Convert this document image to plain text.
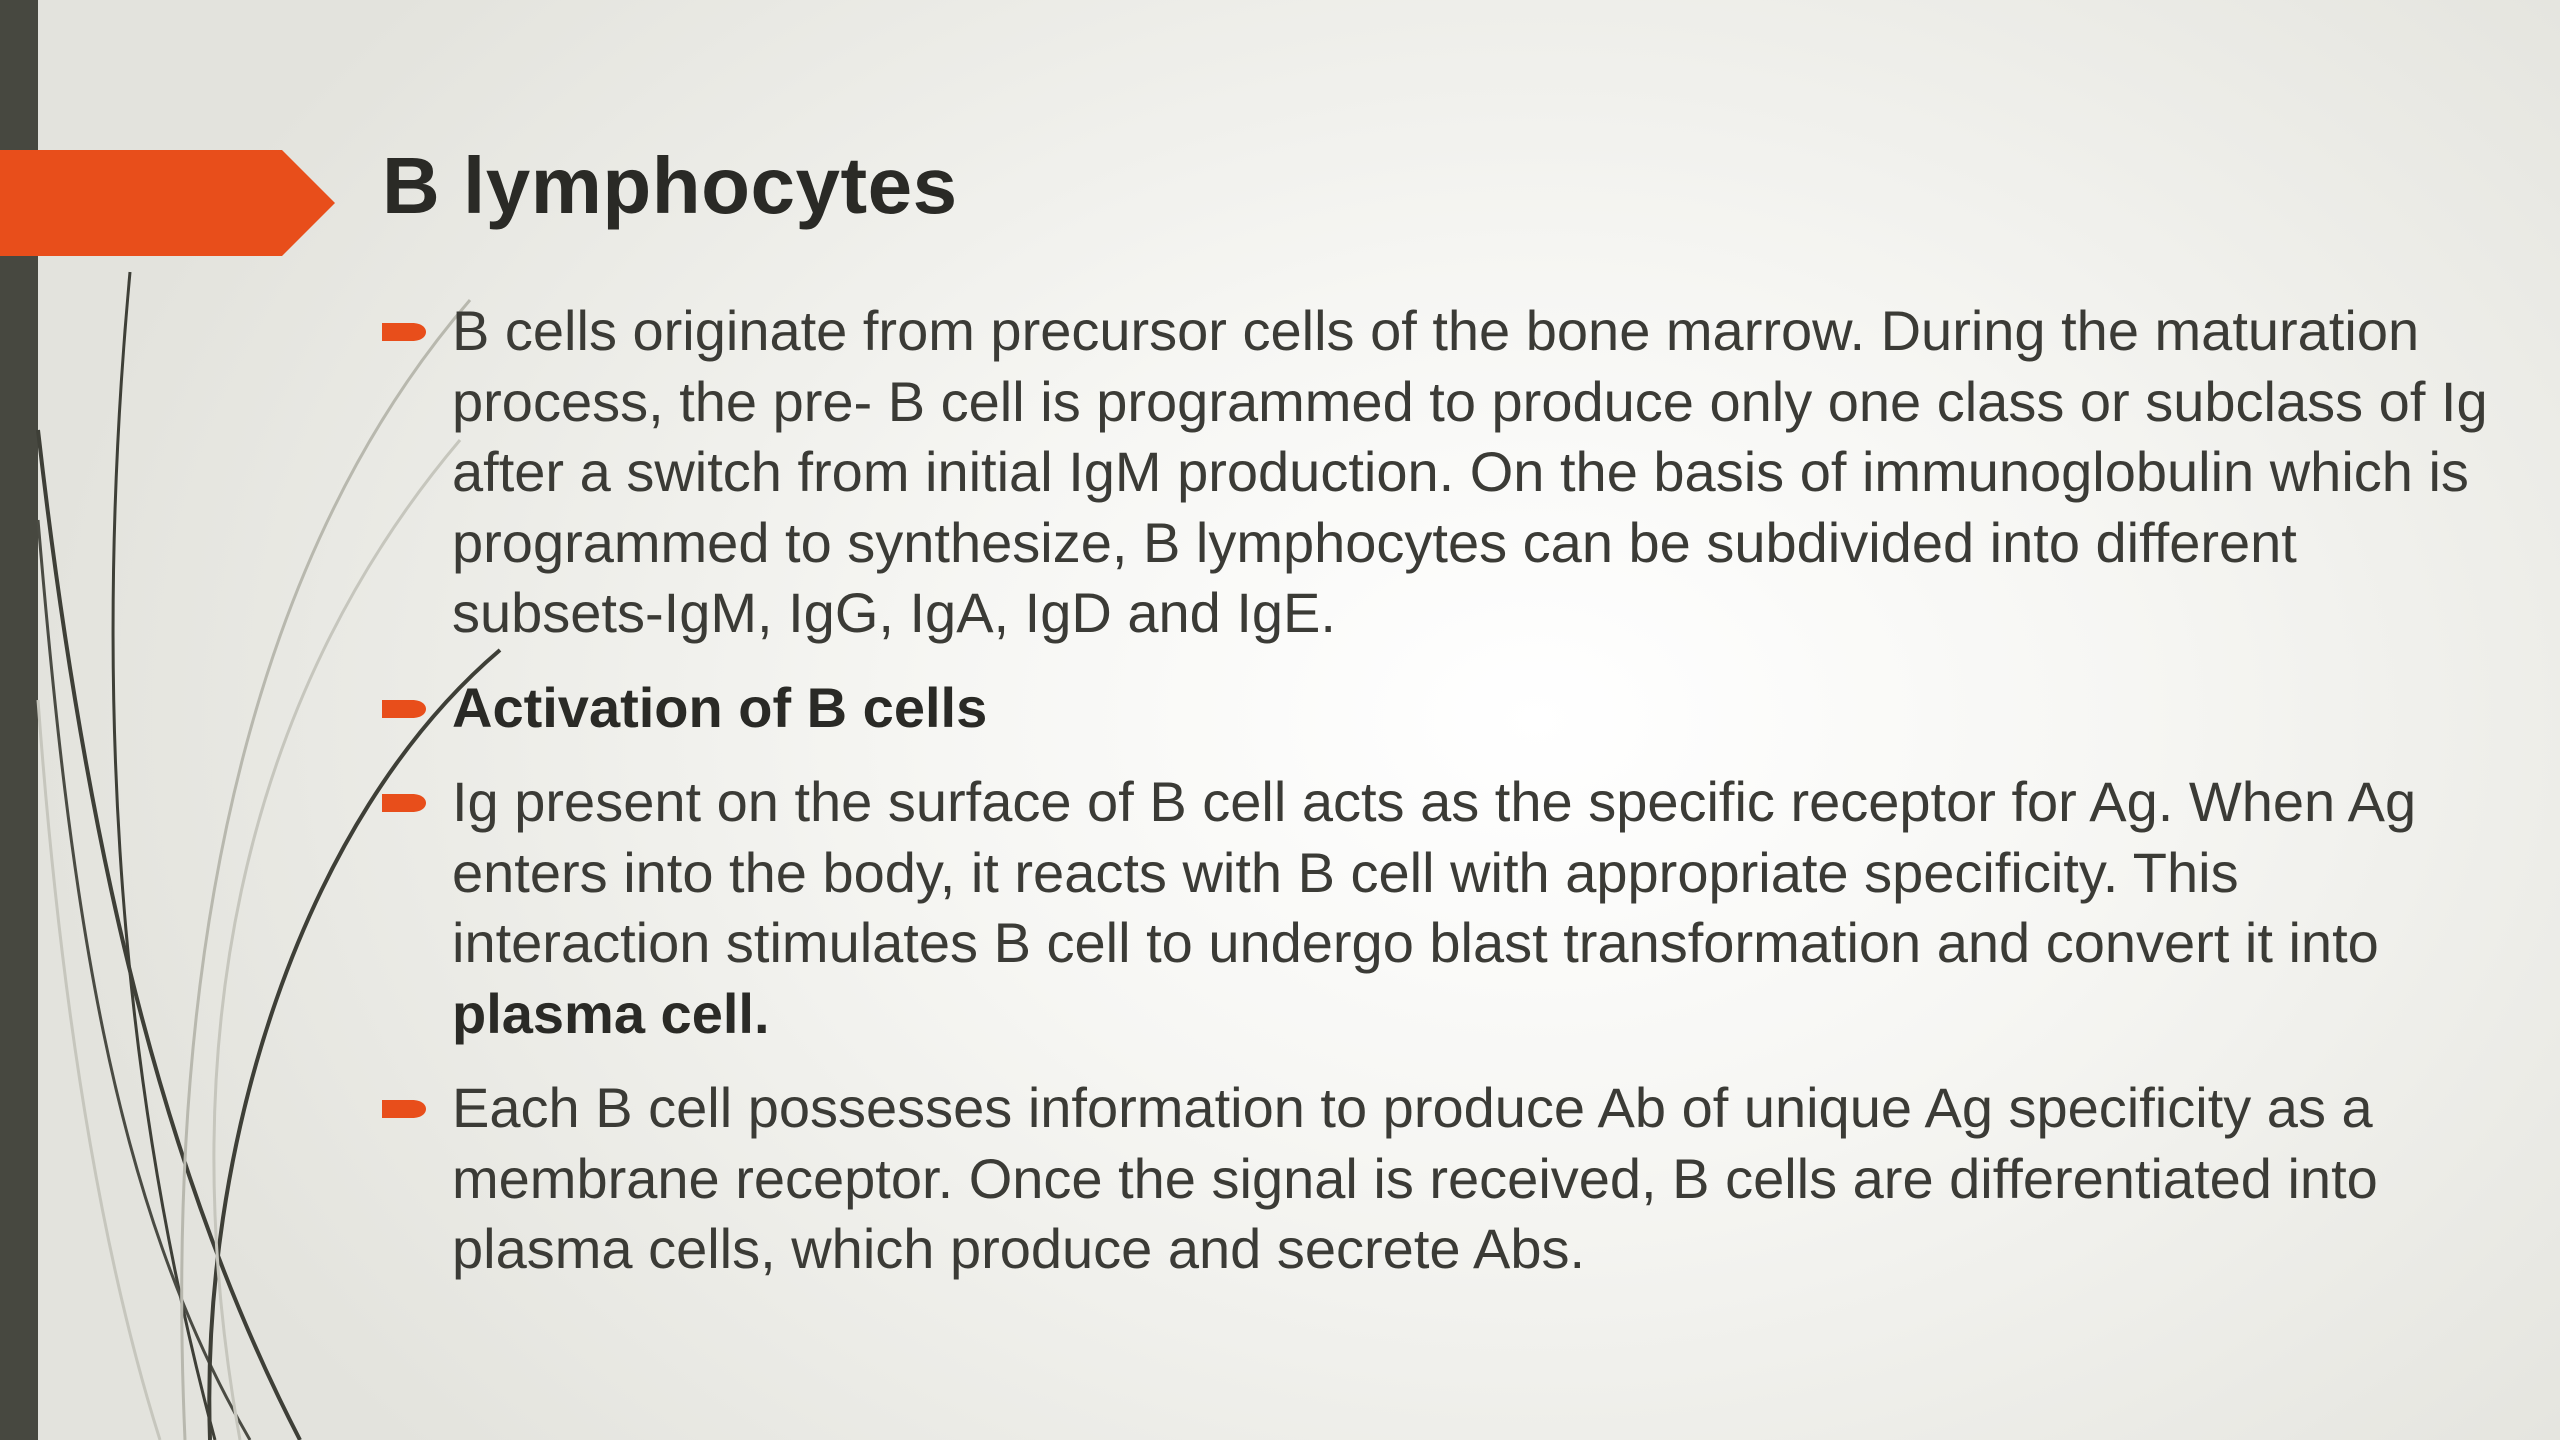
B lymphocytes
B cells originate from precursor cells of the bone marrow. During the maturation process, the pre- B cell is programmed to produce only one class or subclass of Ig after a switch from initial IgM production. On the basis of immunoglobulin which is programmed to synthesize, B lymphocytes can be subdivided into different subsets-IgM, IgG, IgA, IgD and IgE.
Activation of B cells
Ig present on the surface of B cell acts as the specific receptor for Ag. When Ag enters into the body, it reacts with B cell with appropriate specificity. This interaction stimulates B cell to undergo blast transformation and convert it into plasma cell.
Each B cell possesses information to produce Ab of unique Ag specificity as a membrane receptor. Once the signal is received, B cells are differentiated into plasma cells, which produce and secrete Abs.
